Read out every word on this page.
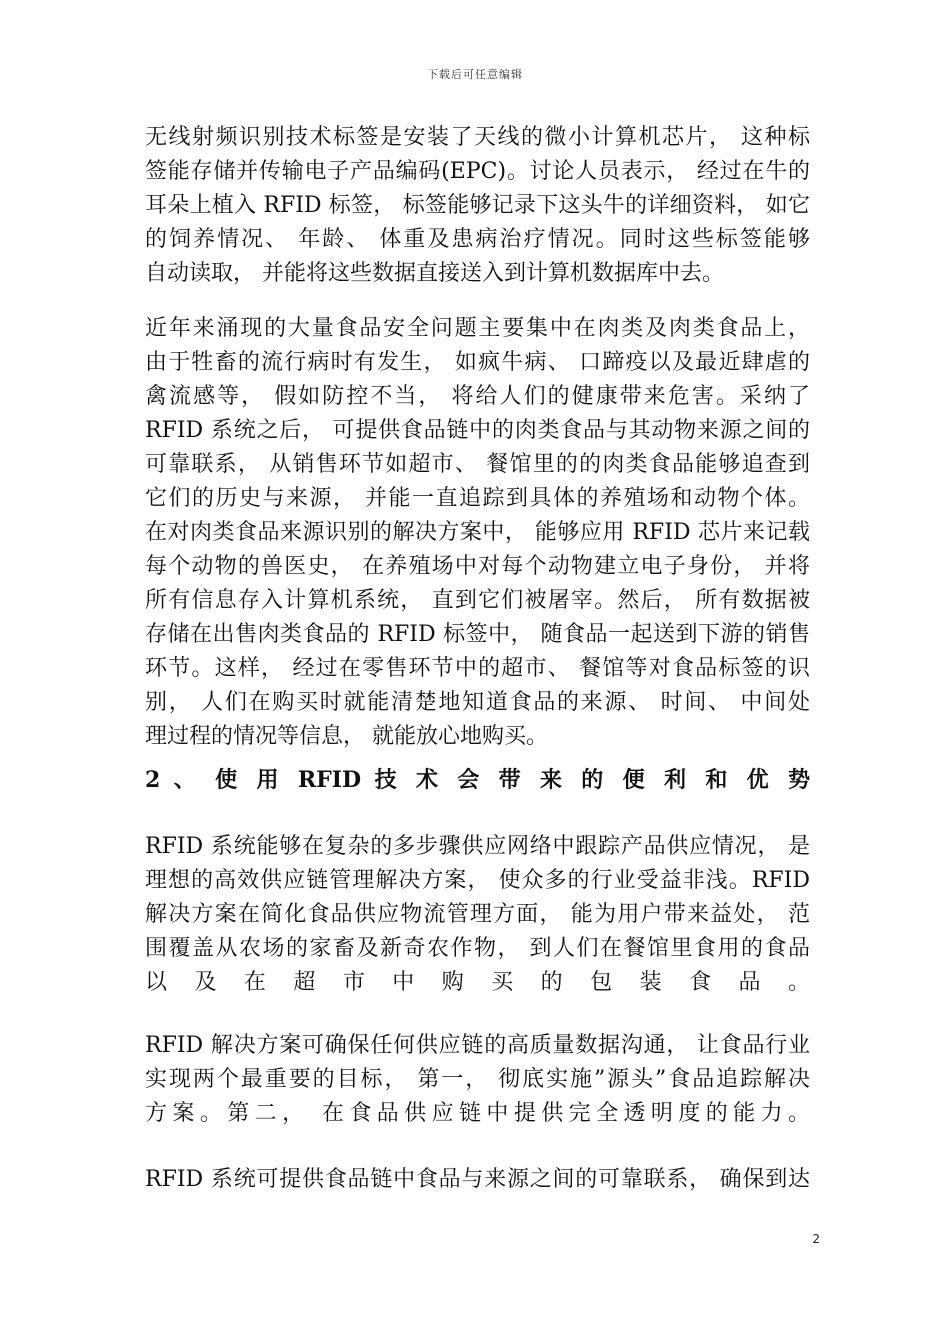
下载后可任意编辑
无线射频识别技术标签是安装了天线的微小计算机芯片， 这种标
签能存储并传输电子产品编码(EPC)。讨论人员表示， 经过在牛的
耳朵上植入 RFID 标签， 标签能够记录下这头牛的详细资料， 如它
的饲养情况、 年龄、 体重及患病治疗情况。同时这些标签能够
自动读取， 并能将这些数据直接送入到计算机数据库中去。
近年来涌现的大量食品安全问题主要集中在肉类及肉类食品上，
由于牲畜的流行病时有发生， 如疯牛病、 口蹄疫以及最近肆虐的
禽流感等， 假如防控不当， 将给人们的健康带来危害。采纳了
RFID 系统之后， 可提供食品链中的肉类食品与其动物来源之间的
可靠联系， 从销售环节如超市、 餐馆里的的肉类食品能够追查到
它们的历史与来源， 并能一直追踪到具体的养殖场和动物个体。
在对肉类食品来源识别的解决方案中， 能够应用 RFID 芯片来记载
每个动物的兽医史， 在养殖场中对每个动物建立电子身份， 并将
所有信息存入计算机系统， 直到它们被屠宰。然后， 所有数据被
存储在出售肉类食品的 RFID 标签中， 随食品一起送到下游的销售
环节。这样， 经过在零售环节中的超市、 餐馆等对食品标签的识
别， 人们在购买时就能清楚地知道食品的来源、 时间、 中间处
理过程的情况等信息， 就能放心地购买。
2 、 使 用 RFID 技 术 会 带 来 的 便 利 和 优 势
RFID 系统能够在复杂的多步骤供应网络中跟踪产品供应情况， 是
理想的高效供应链管理解决方案， 使众多的行业受益非浅。RFID
解决方案在简化食品供应物流管理方面， 能为用户带来益处， 范
围覆盖从农场的家畜及新奇农作物， 到人们在餐馆里食用的食品
以 及 在 超 市 中 购 买 的 包 装 食 品 。
RFID 解决方案可确保任何供应链的高质量数据沟通， 让食品行业
实现两个最重要的目标， 第一， 彻底实施”源头”食品追踪解决
方案。第二， 在食品供应链中提供完全透明度的能力。
RFID 系统可提供食品链中食品与来源之间的可靠联系， 确保到达
2
